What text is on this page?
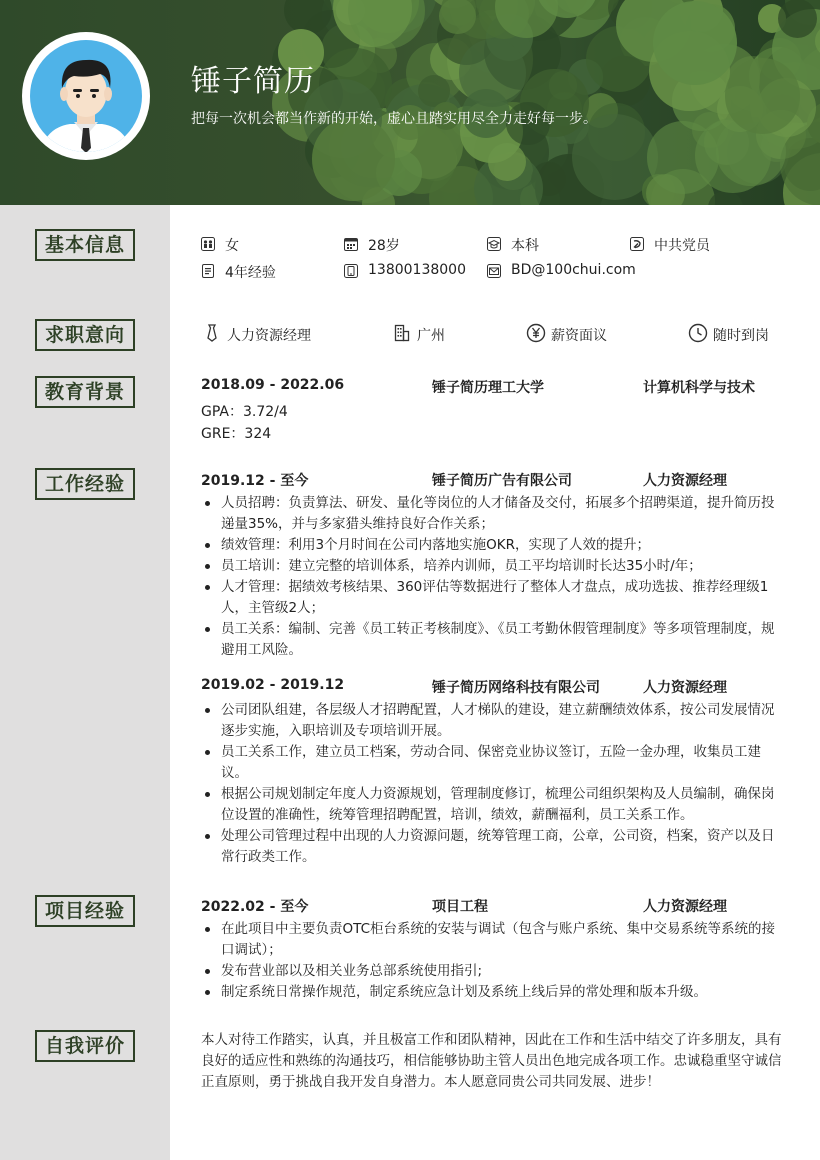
锤子简历
把每一次机会都当作新的开始，虚心且踏实用尽全力走好每一步。
基本信息
求职意向
教育背景
工作经验
项目经验
自我评价
女	28岁	本科	中共党员
4年经验	13800138000	BD@100chui.com
人力资源经理	广州	薪资面议	随时到岗
2018.09 - 2022.06	锤子简历理工大学	计算机科学与技术
GPA：3.72/4
GRE：324
2019.12 - 至今	锤子简历广告有限公司	人力资源经理
人员招聘：负责算法、研发、量化等岗位的人才储备及交付，拓展多个招聘渠道，提升简历投递量35%，并与多家猎头维持良好合作关系；
绩效管理：利用3个月时间在公司内落地实施OKR，实现了人效的提升；
员工培训：建立完整的培训体系，培养内训师，员工平均培训时长达35小时/年；
人才管理：据绩效考核结果、360评估等数据进行了整体人才盘点，成功选拔、推荐经理级1人，主管级2人；
员工关系：编制、完善《员工转正考核制度》、《员工考勤休假管理制度》等多项管理制度，规避用工风险。
2019.02 - 2019.12	锤子简历网络科技有限公司	人力资源经理
公司团队组建，各层级人才招聘配置，人才梯队的建设，建立薪酬绩效体系，按公司发展情况逐步实施，入职培训及专项培训开展。
员工关系工作，建立员工档案，劳动合同、保密竞业协议签订，五险一金办理，收集员工建议。
根据公司规划制定年度人力资源规划，管理制度修订，梳理公司组织架构及人员编制，确保岗位设置的准确性，统筹管理招聘配置，培训，绩效，薪酬福利，员工关系工作。
处理公司管理过程中出现的人力资源问题，统筹管理工商，公章，公司资，档案，资产以及日常行政类工作。
2022.02 - 至今	项目工程	人力资源经理
在此项目中主要负责OTC柜台系统的安装与调试（包含与账户系统、集中交易系统等系统的接口调试）；
发布营业部以及相关业务总部系统使用指引;
制定系统日常操作规范，制定系统应急计划及系统上线后异的常处理和版本升级。
本人对待工作踏实，认真，并且极富工作和团队精神，因此在工作和生活中结交了许多朋友，具有良好的适应性和熟练的沟通技巧，相信能够协助主管人员出色地完成各项工作。忠诚稳重坚守诚信正直原则，勇于挑战自我开发自身潜力。本人愿意同贵公司共同发展、进步！
